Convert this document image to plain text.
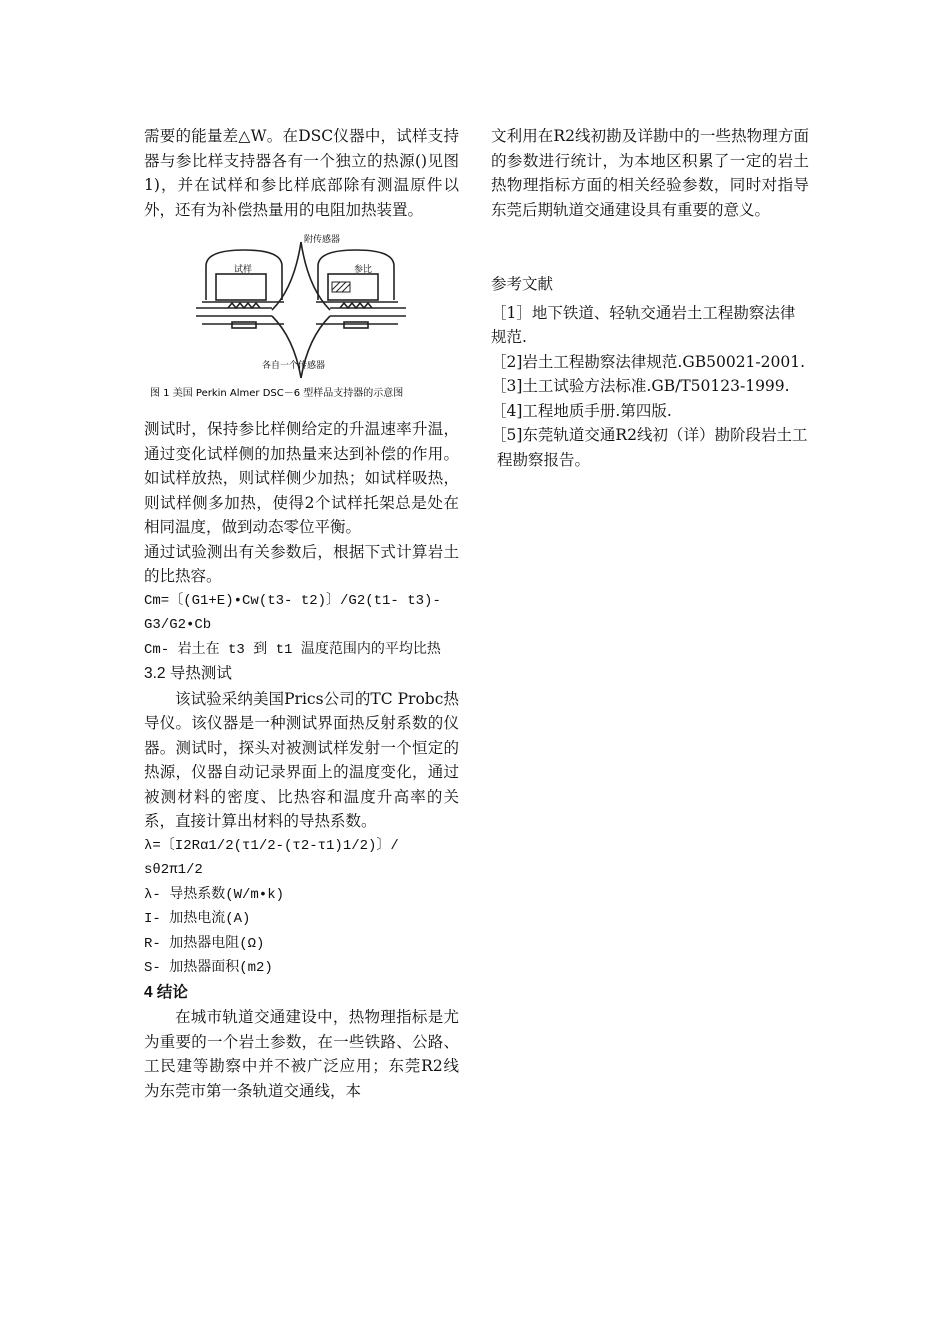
需要的能量差△W。在DSC仪器中，试样支持器与参比样支持器各有一个独立的热源()见图1)，并在试样和参比样底部除有测温原件以外，还有为补偿热量用的电阻加热装置。

附传感器
试样	参比
各自一个传感器
图 1 美国 Perkin Almer DSC－6 型样品支持器的示意图

测试时，保持参比样侧给定的升温速率升温，通过变化试样侧的加热量来达到补偿的作用。如试样放热，则试样侧少加热；如试样吸热，则试样侧多加热，使得2个试样托架总是处在相同温度，做到动态零位平衡。

通过试验测出有关参数后，根据下式计算岩土的比热容。

Cm=〔(G1+E)•Cw(t3- t2)〕/G2(t1- t3)-

G3/G2•Cb

Cm- 岩土在 t3 到 t1 温度范围内的平均比热

3.2 导热测试

该试验采纳美国Prics公司的TC Probc热导仪。该仪器是一种测试界面热反射系数的仪器。测试时，探头对被测试样发射一个恒定的热源，仪器自动记录界面上的温度变化，通过被测材料的密度、比热容和温度升高率的关系，直接计算出材料的导热系数。

λ=〔I2Rα1/2(τ1/2-(τ2-τ1)1/2)〕/

sθ2π1/2

λ- 导热系数(W/m•k)

I- 加热电流(A)

R- 加热器电阻(Ω)

S- 加热器面积(m2)

4 结论

在城市轨道交通建设中，热物理指标是尤为重要的一个岩土参数，在一些铁路、公路、工民建等勘察中并不被广泛应用；东莞R2线为东莞市第一条轨道交通线，本

文利用在R2线初勘及详勘中的一些热物理方面的参数进行统计，为本地区积累了一定的岩土热物理指标方面的相关经验参数，同时对指导东莞后期轨道交通建设具有重要的意义。

参考文献

［1］地下铁道、轻轨交通岩土工程勘察法律规范.

［2]岩土工程勘察法律规范.GB50021-2001.

［3]土工试验方法标准.GB/T50123-1999.

［4]工程地质手册.第四版.

［5]东莞轨道交通R2线初（详）勘阶段岩土工程勘察报告。
